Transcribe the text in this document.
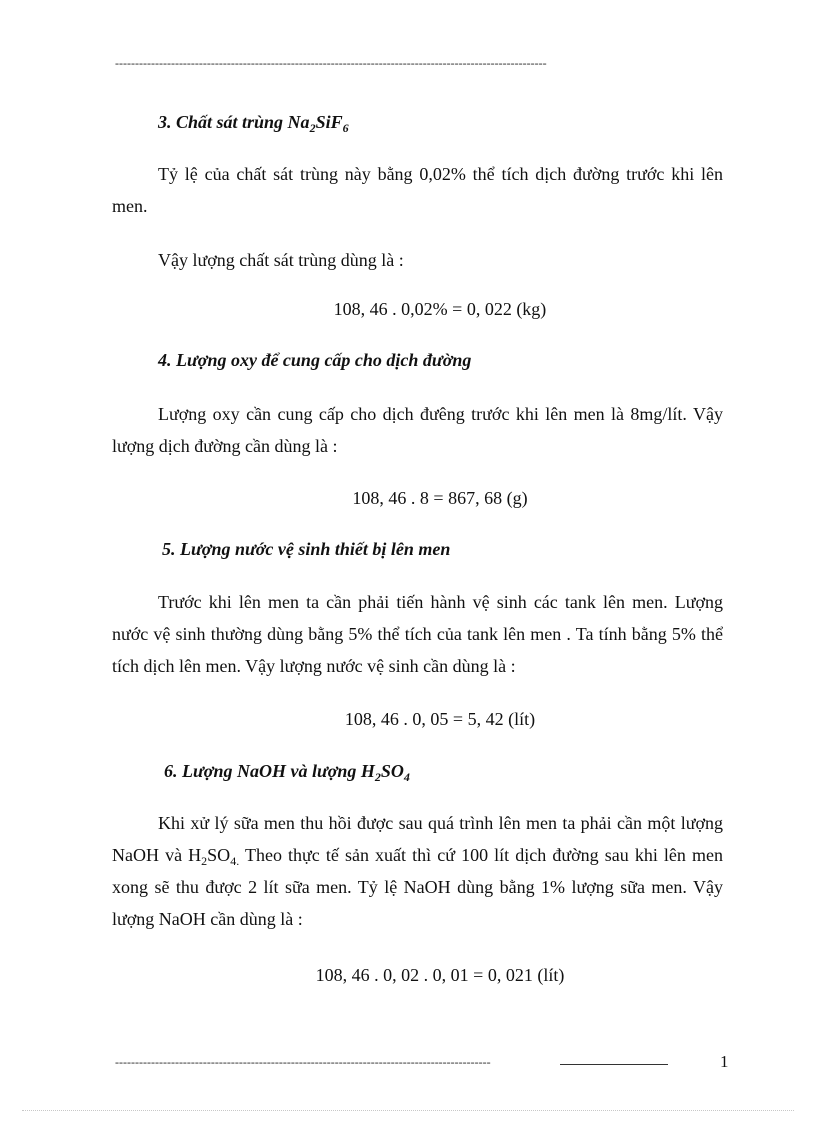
------------------------------------------------------------------------------------------------------------
3. Chất sát trùng $Na_2SiF_6$
Tỷ lệ của chất sát trùng này bằng 0,02% thể tích dịch đường trước khi lên men.
Vậy lượng chất sát trùng dùng là :
108, 46 . 0,02% = 0, 022 (kg)
4. Lượng oxy để cung cấp cho dịch đường
Lượng oxy cần cung cấp cho dịch đưêng trước khi lên men là 8mg/lít. Vậy lượng dịch đường cần dùng là :
108, 46 . 8 = 867, 68 (g)
5. Lượng nước vệ sinh thiết bị lên men
Trước khi lên men ta cần phải tiến hành vệ sinh các tank lên men. Lượng nước vệ sinh thường dùng bằng 5% thể tích của tank lên men . Ta tính bằng 5% thể tích dịch lên men. Vậy lượng nước vệ sinh cần dùng là :
108, 46 . 0, 05 = 5, 42 (lít)
6. Lượng NaOH và lượng $H_2SO_4$
Khi xử lý sữa men thu hồi được sau quá trình lên men ta phải cần một lượng NaOH và $H_2SO_{4.}$ Theo thực tế sản xuất thì cứ 100 lít dịch đường sau khi lên men xong sẽ thu được 2 lít sữa men. Tỷ lệ NaOH dùng bằng 1% lượng sữa men. Vậy lượng NaOH cần dùng là :
108, 46 . 0, 02 . 0, 01 = 0, 021 (lít)
----------------------------------------------------------------------------------------------	1
